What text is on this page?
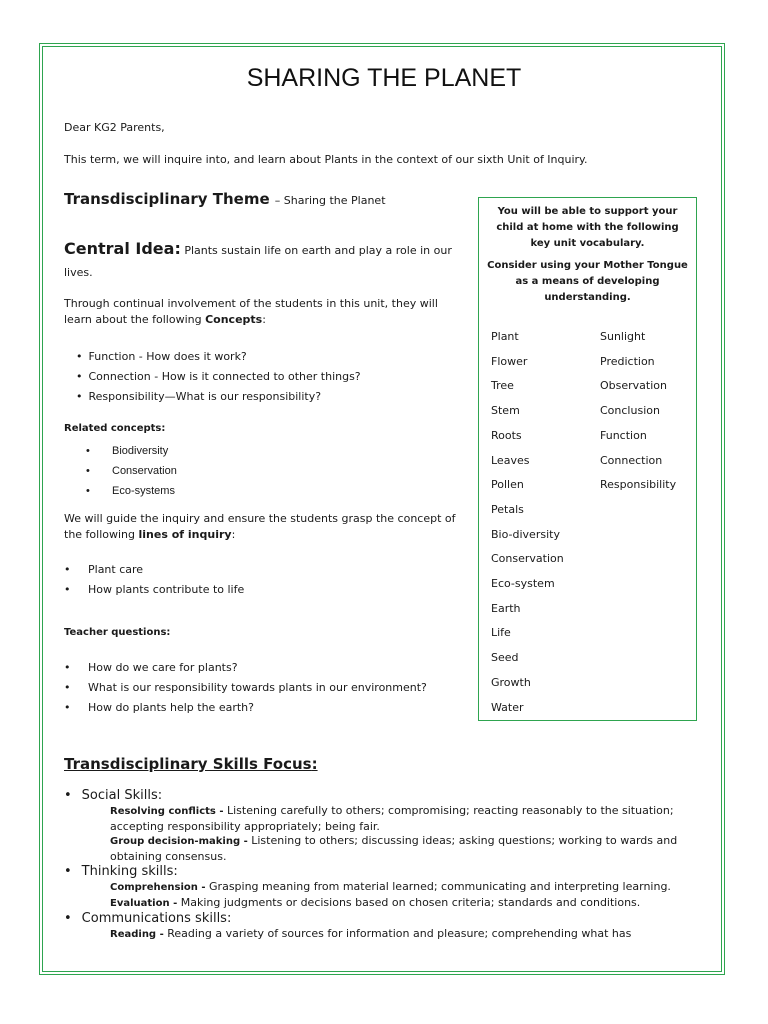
SHARING THE PLANET
Dear KG2 Parents,
This term, we will inquire into, and learn about Plants in the context of our sixth Unit of Inquiry.
Transdisciplinary Theme – Sharing the Planet
Central Idea: Plants sustain life on earth and play a role in our lives.
Through continual involvement of the students in this unit, they will learn about the following Concepts:
• Function - How does it work?
• Connection - How is it connected to other things?
• Responsibility—What is our responsibility?
Related concepts:
• Biodiversity
• Conservation
• Eco-systems
We will guide the inquiry and ensure the students grasp the concept of the following lines of inquiry:
• Plant care
• How plants contribute to life
Teacher questions:
• How do we care for plants?
• What is our responsibility towards plants in our environment?
• How do plants help the earth?
You will be able to support your child at home with the following key unit vocabulary.
Consider using your Mother Tongue as a means of developing understanding.
Plant
Flower
Tree
Stem
Roots
Leaves
Pollen
Petals
Bio-diversity
Conservation
Eco-system
Earth
Life
Seed
Growth
Water
Sunlight
Prediction
Observation
Conclusion
Function
Connection
Responsibility
Transdisciplinary Skills Focus:
• Social Skills:
Resolving conflicts - Listening carefully to others; compromising; reacting reasonably to the situation; accepting responsibility appropriately; being fair.
Group decision-making - Listening to others; discussing ideas; asking questions; working to wards and obtaining consensus.
• Thinking skills:
Comprehension - Grasping meaning from material learned; communicating and interpreting learning.
Evaluation - Making judgments or decisions based on chosen criteria; standards and conditions.
• Communications skills:
Reading - Reading a variety of sources for information and pleasure; comprehending what has
